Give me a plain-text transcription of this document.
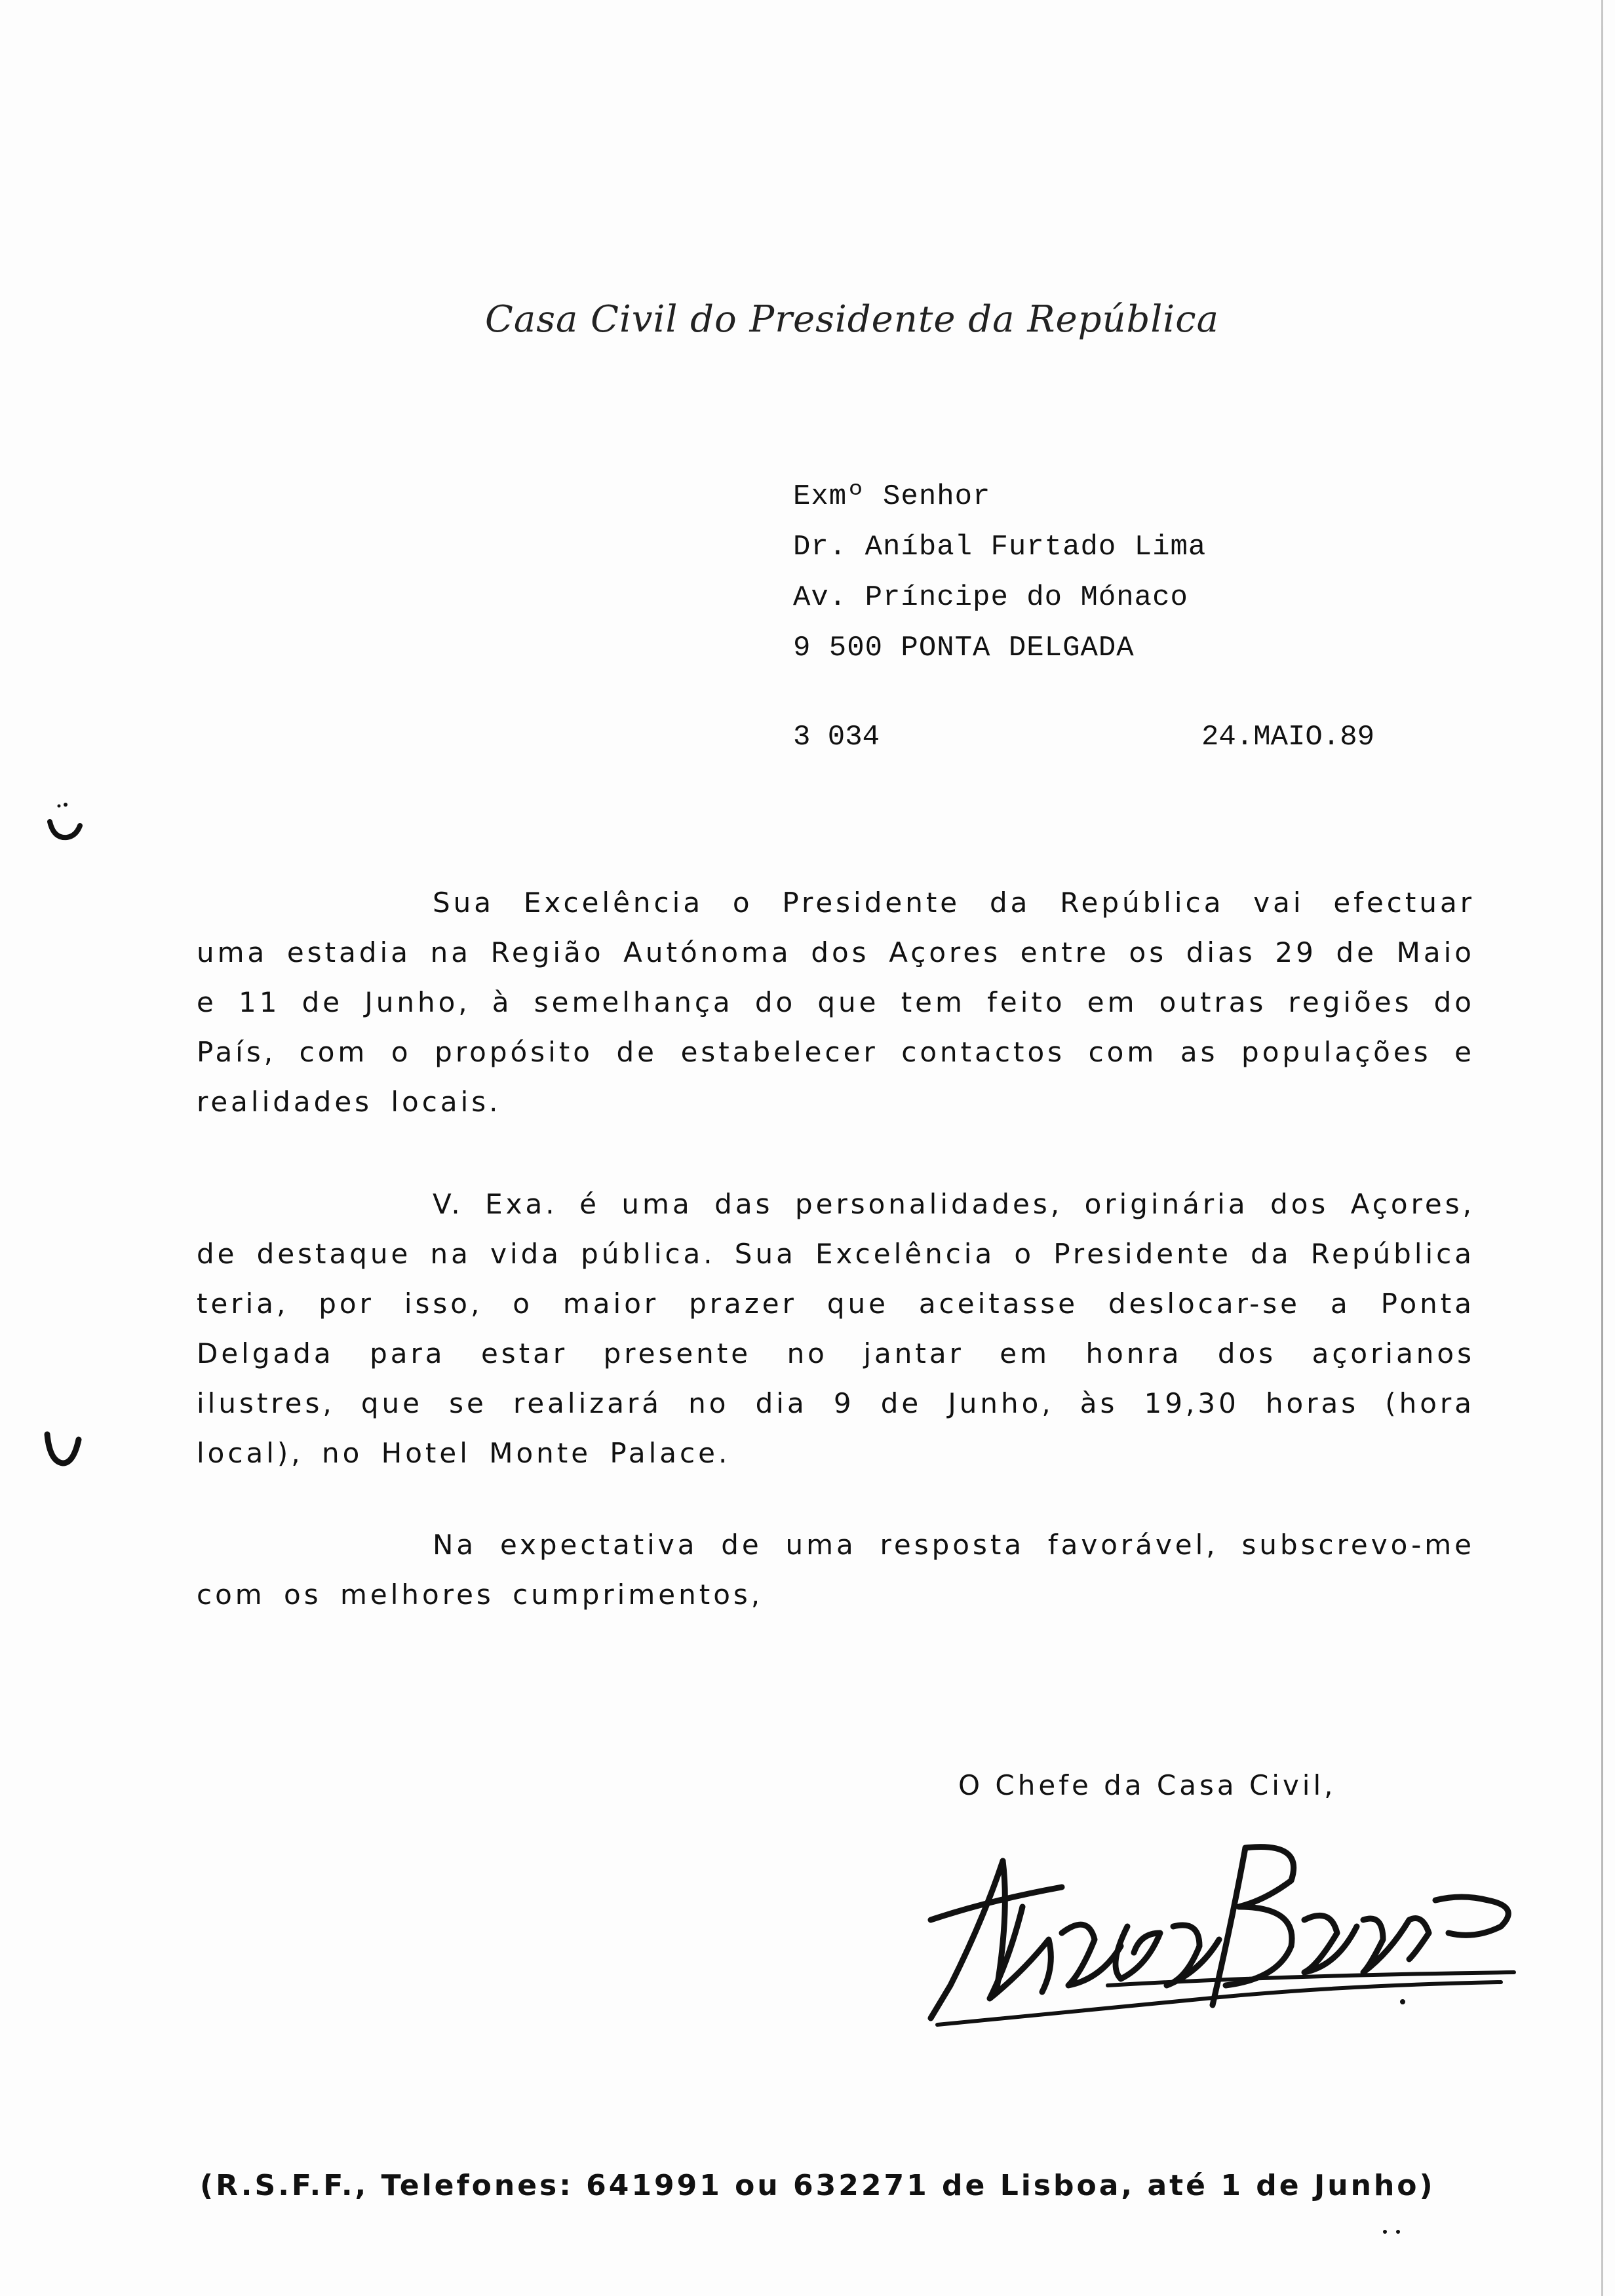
Casa Civil do Presidente da República
Exmº Senhor
Dr. Aníbal Furtado Lima
Av. Príncipe do Mónaco
9 500 PONTA DELGADA
3 034	24.MAIO.89
Sua Excelência o Presidente da República vai efectuar uma estadia na Região Autónoma dos Açores entre os dias 29 de Maio e 11 de Junho, à semelhança do que tem feito em outras regiões do País, com o propósito de estabelecer contactos com as populações e realidades locais.
V. Exa. é uma das personalidades, originária dos Açores, de destaque na vida pública. Sua Excelência o Presidente da República teria, por isso, o maior prazer que aceitasse deslocar-se a Ponta Delgada para estar presente no jantar em honra dos açorianos ilustres, que se realizará no dia 9 de Junho, às 19,30 horas (hora local), no Hotel Monte Palace.
Na expectativa de uma resposta favorável, subscrevo-me com os melhores cumprimentos,
O Chefe da Casa Civil,
(R.S.F.F., Telefones: 641991 ou 632271 de Lisboa, até 1 de Junho)
